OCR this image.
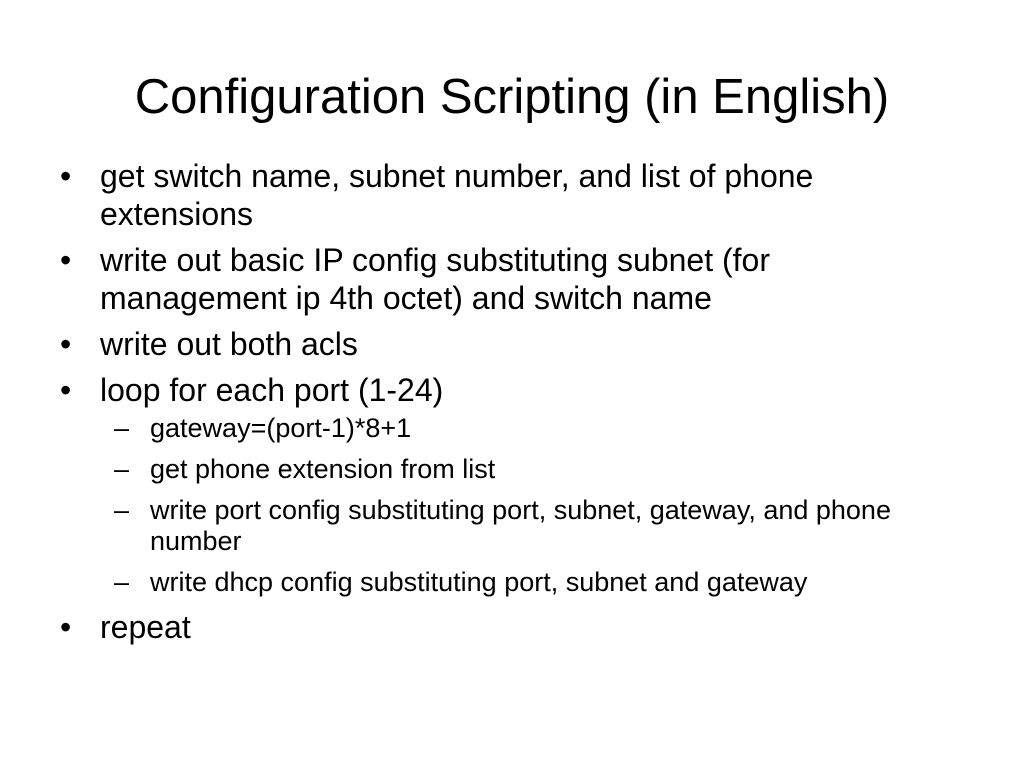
Configuration Scripting (in English)
• get switch name, subnet number, and list of phone extensions
• write out basic IP config substituting subnet (for management ip 4th octet) and switch name
• write out both acls
• loop for each port (1-24)
– gateway=(port-1)*8+1
– get phone extension from list
– write port config substituting port, subnet, gateway, and phone number
– write dhcp config substituting port, subnet and gateway
• repeat
